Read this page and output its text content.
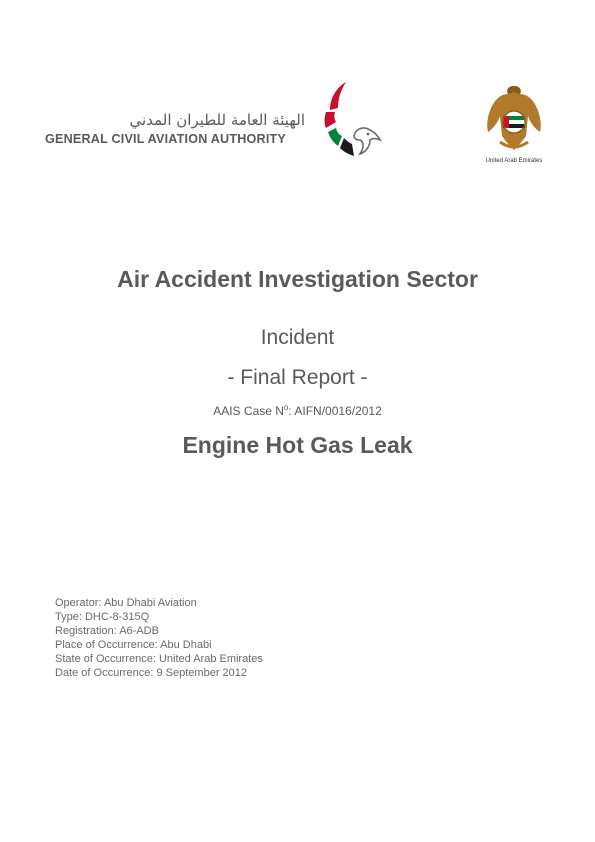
الهيئة العامة للطيران المدني
GENERAL CIVIL AVIATION AUTHORITY
United Arab Emirates
Air Accident Investigation Sector
Incident
- Final Report -
AAIS Case $N^o$: AIFN/0016/2012
Engine Hot Gas Leak
Operator: Abu Dhabi Aviation
Type: DHC-8-315Q
Registration: A6-ADB
Place of Occurrence: Abu Dhabi
State of Occurrence: United Arab Emirates
Date of Occurrence: 9 September 2012
